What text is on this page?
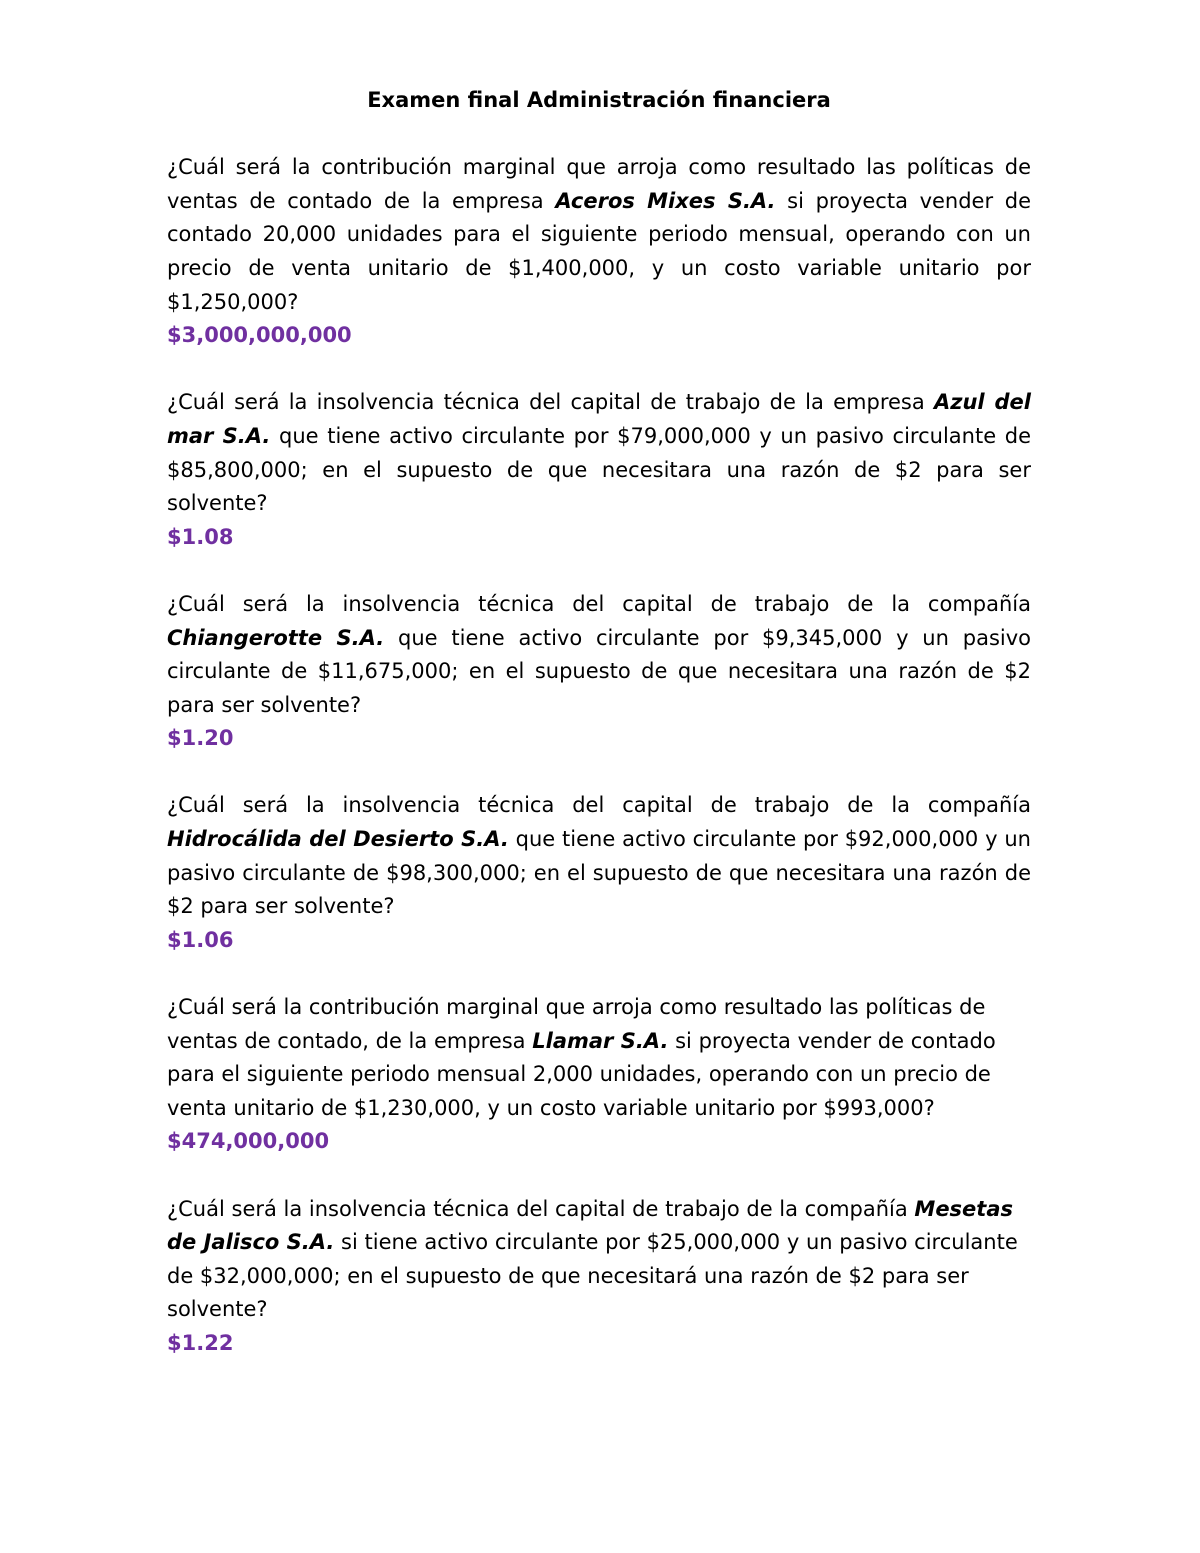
Examen final Administración financiera

¿Cuál será la contribución marginal que arroja como resultado las políticas de ventas de contado de la empresa Aceros Mixes S.A. si proyecta vender de contado 20,000 unidades para el siguiente periodo mensual, operando con un precio de venta unitario de $1,400,000, y un costo variable unitario por $1,250,000?

$3,000,000,000

¿Cuál será la insolvencia técnica del capital de trabajo de la empresa Azul del mar S.A. que tiene activo circulante por $79,000,000 y un pasivo circulante de $85,800,000; en el supuesto de que necesitara una razón de $2 para ser solvente?

$1.08

¿Cuál será la insolvencia técnica del capital de trabajo de la compañía Chiangerotte S.A. que tiene activo circulante por $9,345,000 y un pasivo circulante de $11,675,000; en el supuesto de que necesitara una razón de $2 para ser solvente?

$1.20

¿Cuál será la insolvencia técnica del capital de trabajo de la compañía Hidrocálida del Desierto S.A. que tiene activo circulante por $92,000,000 y un pasivo circulante de $98,300,000; en el supuesto de que necesitara una razón de $2 para ser solvente?

$1.06

¿Cuál será la contribución marginal que arroja como resultado las políticas de ventas de contado, de la empresa Llamar S.A. si proyecta vender de contado para el siguiente periodo mensual 2,000 unidades, operando con un precio de venta unitario de $1,230,000, y un costo variable unitario por $993,000?

$474,000,000

¿Cuál será la insolvencia técnica del capital de trabajo de la compañía Mesetas de Jalisco S.A. si tiene activo circulante por $25,000,000 y un pasivo circulante de $32,000,000; en el supuesto de que necesitará una razón de $2 para ser solvente?

$1.22
